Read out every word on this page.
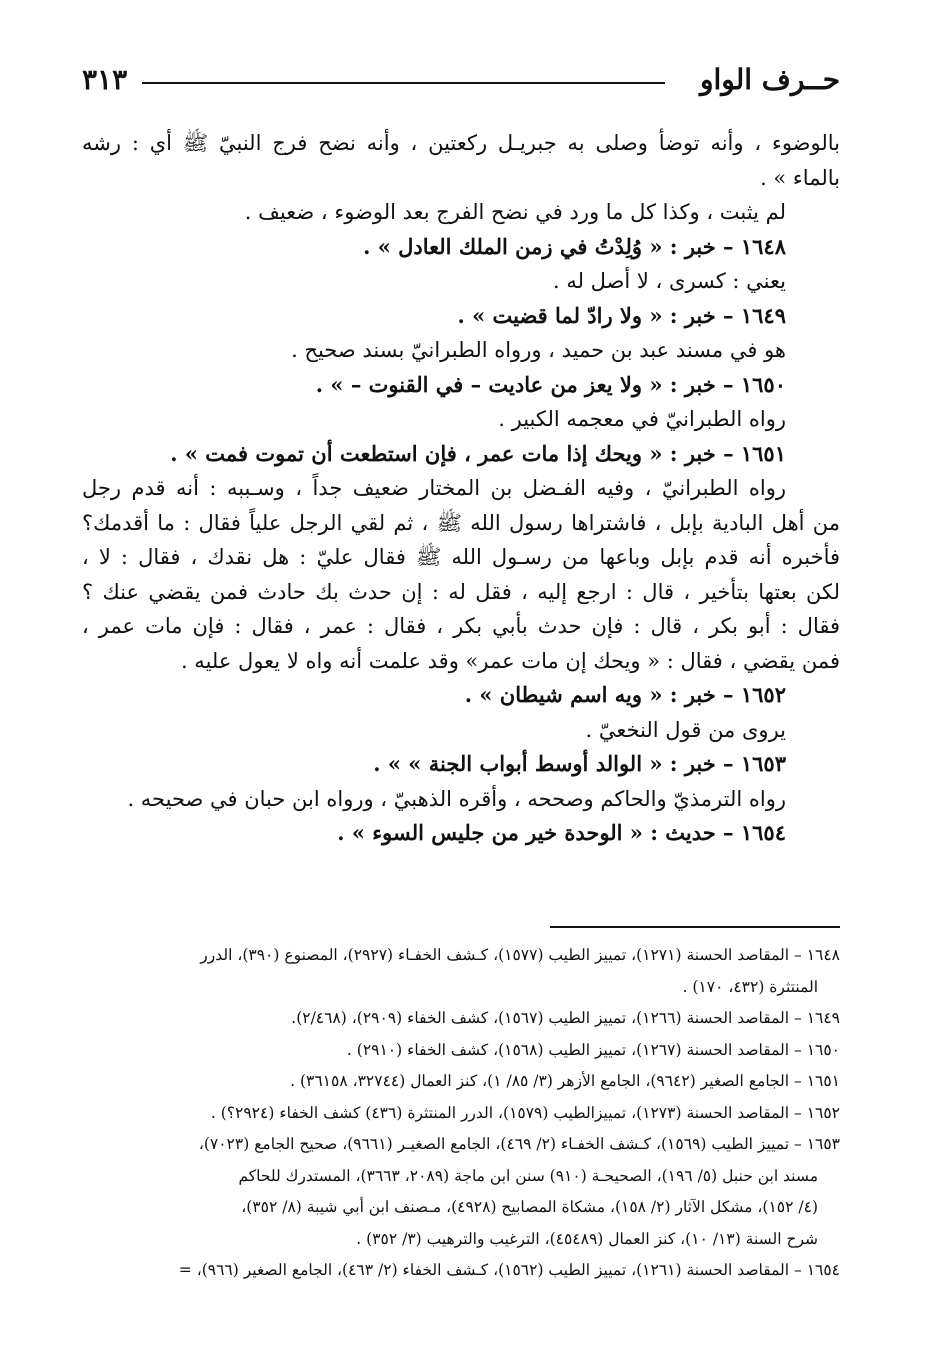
حــرف الواو
٣١٣
بالوضوء ، وأنه توضأ وصلى به جبريـل ركعتين ، وأنه نضح فرج النبيّ ﷺ أي : رشه
بالماء » .
لم يثبت ، وكذا كل ما ورد في نضح الفرج بعد الوضوء ، ضعيف .
١٦٤٨ – خبر : « وُلِدْتُ في زمن الملك العادل » .
يعني : كسرى ، لا أصل له .
١٦٤٩ – خبر : « ولا رادّ لما قضيت » .
هو في مسند عبد بن حميد ، ورواه الطبرانيّ بسند صحيح .
١٦٥٠ – خبر : « ولا يعز من عاديت – في القنوت – » .
رواه الطبرانيّ في معجمه الكبير .
١٦٥١ – خبر : « ويحك إذا مات عمر ، فإن استطعت أن تموت فمت » .
رواه الطبرانيّ ، وفيه الفـضل بن المختار ضعيف جداً ، وسـببه : أنه قدم رجل
من أهل البادية بإبل ، فاشتراها رسول الله ﷺ ، ثم لقي الرجل علياً فقال : ما أقدمك؟
فأخبره أنه قدم بإبل وباعها من رسـول الله ﷺ فقال عليّ : هل نقدك ، فقال : لا ،
لكن بعتها بتأخير ، قال : ارجع إليه ، فقل له : إن حدث بك حادث فمن يقضي عنك ؟
فقال : أبو بكر ، قال : فإن حدث بأبي بكر ، فقال : عمر ، فقال : فإن مات عمر ،
فمن يقضي ، فقال : « ويحك إن مات عمر» وقد علمت أنه واه لا يعول عليه .
١٦٥٢ – خبر : « ويه اسم شيطان » .
يروى من قول النخعيّ .
١٦٥٣ – خبر : « الوالد أوسط أبواب الجنة » » .
رواه الترمذيّ والحاكم وصححه ، وأقره الذهبيّ ، ورواه ابن حبان في صحيحه .
١٦٥٤ – حديث : « الوحدة خير من جليس السوء » .
١٦٤٨ – المقاصد الحسنة (١٢٧١)، تمييز الطيب (١٥٧٧)، كـشف الخفـاء (٢٩٢٧)، المصنوع (٣٩٠)، الدرر
المنتثرة (٤٣٢، ١٧٠) .
١٦٤٩ – المقاصد الحسنة (١٢٦٦)، تمييز الطيب (١٥٦٧)، كشف الخفاء (٢٩٠٩)، (٢/٤٦٨).
١٦٥٠ – المقاصد الحسنة (١٢٦٧)، تمييز الطيب (١٥٦٨)، كشف الخفاء (٢٩١٠) .
١٦٥١ – الجامع الصغير (٩٦٤٢)، الجامع الأزهر (٣/ ٨٥/ ١)، كنز العمال (٣٢٧٤٤، ٣٦١٥٨) .
١٦٥٢ – المقاصد الحسنة (١٢٧٣)، تمييزالطيب (١٥٧٩)، الدرر المنتثرة (٤٣٦) كشف الخفاء (٢٩٢٤؟) .
١٦٥٣ – تمييز الطيب (١٥٦٩)، كـشف الخفـاء (٢/ ٤٦٩)، الجامع الصغيـر (٩٦٦١)، صحيح الجامع (٧٠٢٣)،
مسند ابن حنبل (٥/ ١٩٦)، الصحيحـة (٩١٠) سنن ابن ماجة (٢٠٨٩، ٣٦٦٣)، المستدرك للحاكم
(٤/ ١٥٢)، مشكل الآثار (٢/ ١٥٨)، مشكاة المصابيح (٤٩٢٨)، مـصنف ابن أبي شيبة (٨/ ٣٥٢)،
شرح السنة (١٣/ ١٠)، كنز العمال (٤٥٤٨٩)، الترغيب والترهيب (٣/ ٣٥٢) .
١٦٥٤ – المقاصد الحسنة (١٢٦١)، تمييز الطيب (١٥٦٢)، كـشف الخفاء (٢/ ٤٦٣)، الجامع الصغير (٩٦٦)، =
